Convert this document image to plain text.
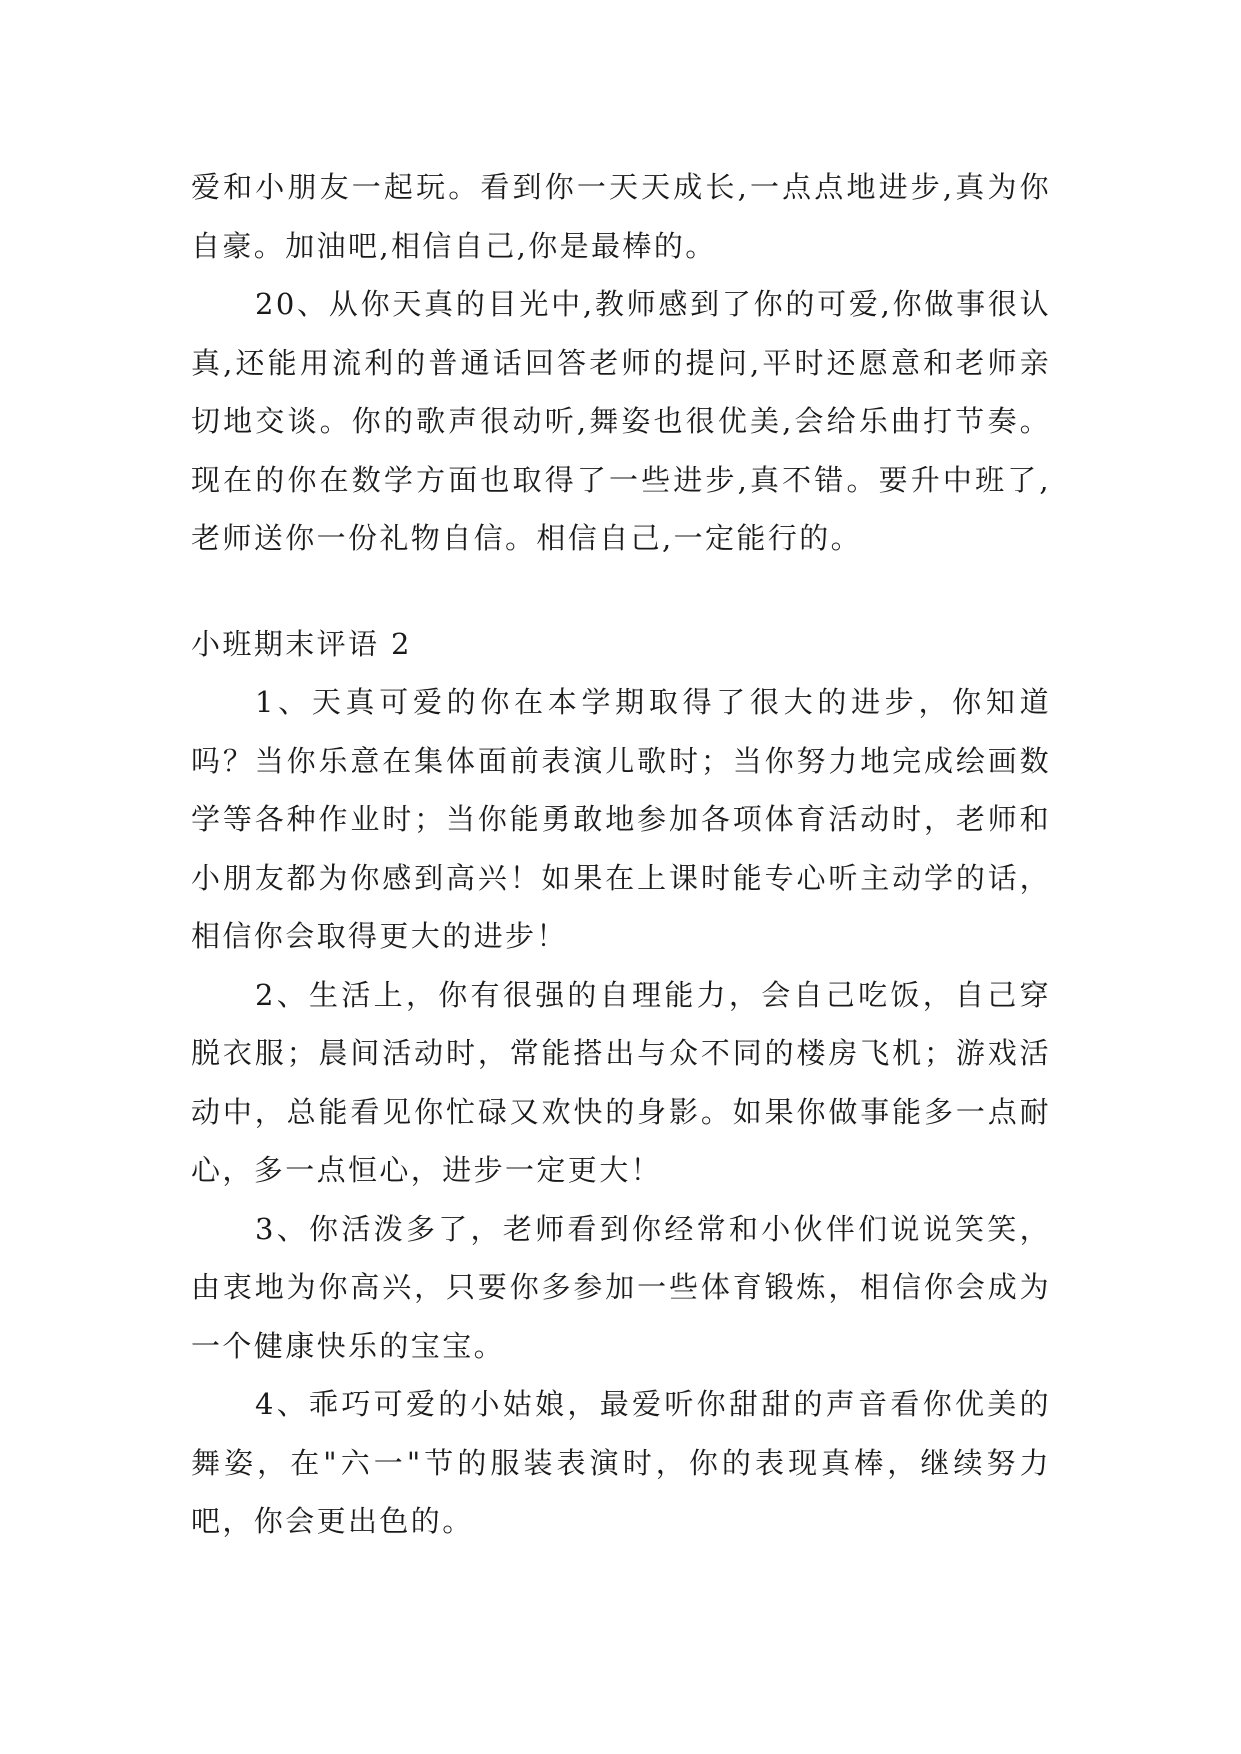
爱和小朋友一起玩。看到你一天天成长,一点点地进步,真为你自豪。加油吧,相信自己,你是最棒的。

20、从你天真的目光中,教师感到了你的可爱,你做事很认真,还能用流利的普通话回答老师的提问,平时还愿意和老师亲切地交谈。你的歌声很动听,舞姿也很优美,会给乐曲打节奏。现在的你在数学方面也取得了一些进步,真不错。要升中班了,老师送你一份礼物自信。相信自己,一定能行的。

小班期末评语 2

1、天真可爱的你在本学期取得了很大的进步，你知道吗？当你乐意在集体面前表演儿歌时；当你努力地完成绘画数学等各种作业时；当你能勇敢地参加各项体育活动时，老师和小朋友都为你感到高兴！如果在上课时能专心听主动学的话，相信你会取得更大的进步！

2、生活上，你有很强的自理能力，会自己吃饭，自己穿脱衣服；晨间活动时，常能搭出与众不同的楼房飞机；游戏活动中，总能看见你忙碌又欢快的身影。如果你做事能多一点耐心，多一点恒心，进步一定更大！

3、你活泼多了，老师看到你经常和小伙伴们说说笑笑，由衷地为你高兴，只要你多参加一些体育锻炼，相信你会成为一个健康快乐的宝宝。

4、乖巧可爱的小姑娘，最爱听你甜甜的声音看你优美的舞姿，在"六一"节的服装表演时，你的表现真棒，继续努力吧，你会更出色的。
